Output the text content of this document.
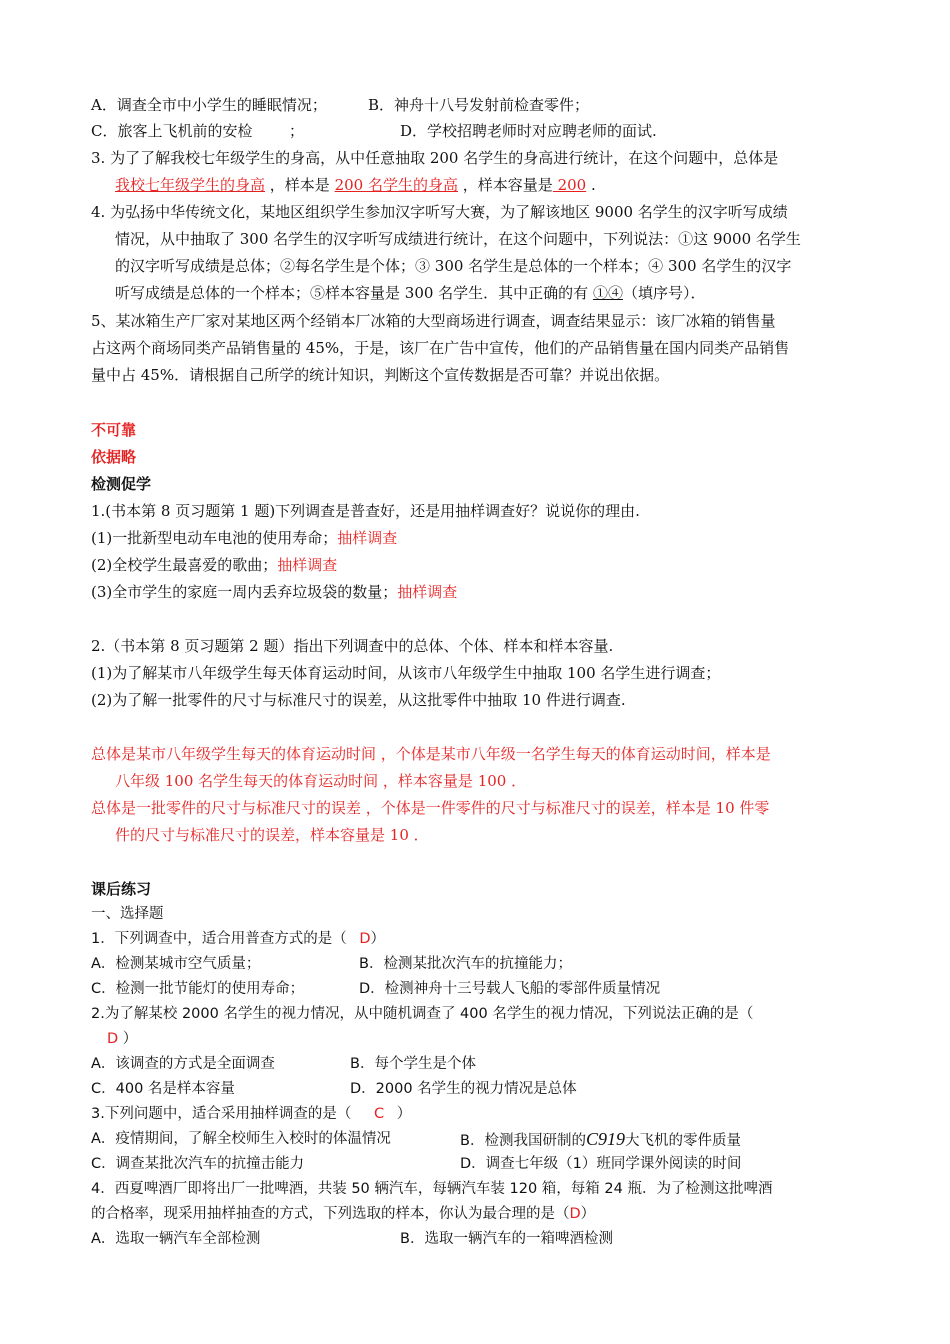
A．调查全市中小学生的睡眠情况；	B．神舟十八号发射前检查零件；
C．旅客上飞机前的安检 ；	D．学校招聘老师时对应聘老师的面试.
3. 为了了解我校七年级学生的身高，从中任意抽取 200 名学生的身高进行统计，在这个问题中，总体是
我校七年级学生的身高 ，样本是 200 名学生的身高 ，样本容量是 200 .
4. 为弘扬中华传统文化，某地区组织学生参加汉字听写大赛，为了解该地区 9000 名学生的汉字听写成绩
情况，从中抽取了 300 名学生的汉字听写成绩进行统计，在这个问题中，下列说法：①这 9000 名学生
的汉字听写成绩是总体；②每名学生是个体；③ 300 名学生是总体的一个样本；④ 300 名学生的汉字
听写成绩是总体的一个样本；⑤样本容量是 300 名学生．其中正确的有 ①④（填序号）．
5、某冰箱生产厂家对某地区两个经销本厂冰箱的大型商场进行调查，调查结果显示：该厂冰箱的销售量
占这两个商场同类产品销售量的 45%，于是，该厂在广告中宣传，他们的产品销售量在国内同类产品销售
量中占 45%．请根据自己所学的统计知识，判断这个宣传数据是否可靠？并说出依据。
不可靠
依据略
检测促学
1.(书本第 8 页习题第 1 题)下列调查是普查好，还是用抽样调查好？说说你的理由.
(1)一批新型电动车电池的使用寿命；抽样调查
(2)全校学生最喜爱的歌曲；抽样调查
(3)全市学生的家庭一周内丢弃垃圾袋的数量；抽样调查
2.（书本第 8 页习题第 2 题）指出下列调查中的总体、个体、样本和样本容量.
(1)为了解某市八年级学生每天体育运动时间，从该市八年级学生中抽取 100 名学生进行调查；
(2)为了解一批零件的尺寸与标准尺寸的误差，从这批零件中抽取 10 件进行调查.
总体是某市八年级学生每天的体育运动时间 ，个体是某市八年级一名学生每天的体育运动时间，样本是
八年级 100 名学生每天的体育运动时间 ，样本容量是 100 ．
总体是一批零件的尺寸与标准尺寸的误差 ，个体是一件零件的尺寸与标准尺寸的误差，样本是 10 件零
件的尺寸与标准尺寸的误差，样本容量是 10 ．
课后练习
一、选择题
1．下列调查中，适合用普查方式的是（ D）
A．检测某城市空气质量；	B．检测某批次汽车的抗撞能力；
C．检测一批节能灯的使用寿命；	D．检测神舟十三号载人飞船的零部件质量情况
2.为了解某校 2000 名学生的视力情况，从中随机调查了 400 名学生的视力情况，下列说法正确的是（
D ）
A．该调查的方式是全面调查	B．每个学生是个体
C．400 名是样本容量	D．2000 名学生的视力情况是总体
3.下列问题中，适合采用抽样调查的是（ C ）
A．疫情期间，了解全校师生入校时的体温情况	B．检测我国研制的C919大飞机的零件质量
C．调查某批次汽车的抗撞击能力	D．调查七年级（1）班同学课外阅读的时间
4．西夏啤酒厂即将出厂一批啤酒，共装 50 辆汽车，每辆汽车装 120 箱，每箱 24 瓶．为了检测这批啤酒
的合格率，现采用抽样抽查的方式，下列选取的样本，你认为最合理的是（D）
A．选取一辆汽车全部检测	B．选取一辆汽车的一箱啤酒检测
